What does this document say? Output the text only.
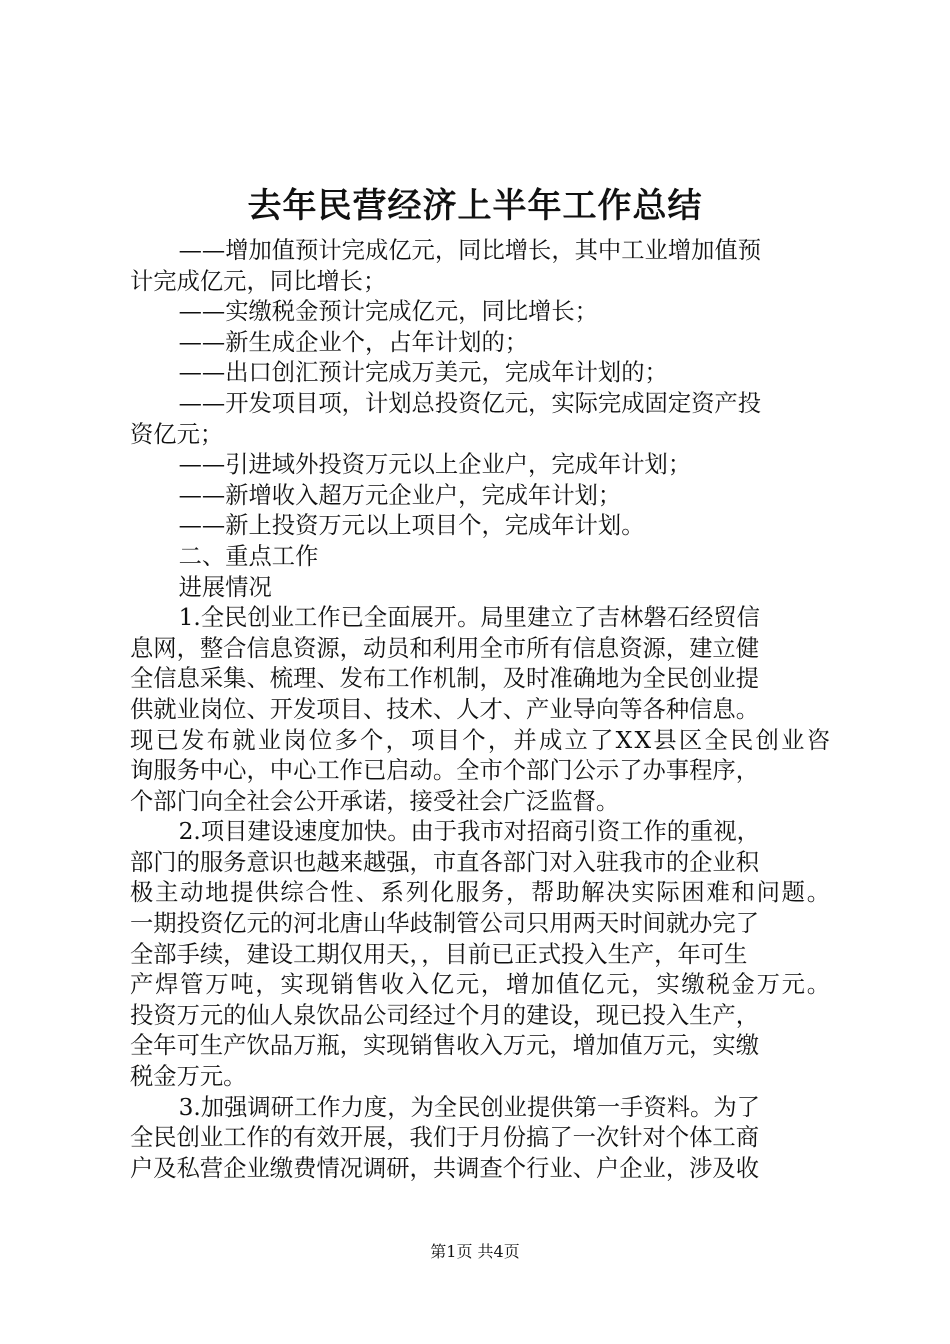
去年民营经济上半年工作总结
——增加值预计完成亿元，同比增长，其中工业增加值预
计完成亿元，同比增长；
——实缴税金预计完成亿元，同比增长；
——新生成企业个，占年计划的；
——出口创汇预计完成万美元，完成年计划的；
——开发项目项，计划总投资亿元，实际完成固定资产投
资亿元；
——引进域外投资万元以上企业户，完成年计划；
——新增收入超万元企业户，完成年计划；
——新上投资万元以上项目个，完成年计划。
二、重点工作
进展情况
1.全民创业工作已全面展开。局里建立了吉林磐石经贸信
息网，整合信息资源，动员和利用全市所有信息资源，建立健
全信息采集、梳理、发布工作机制，及时准确地为全民创业提
供就业岗位、开发项目、技术、人才、产业导向等各种信息。
现已发布就业岗位多个，项目个，并成立了XX县区全民创业咨
询服务中心，中心工作已启动。全市个部门公示了办事程序，
个部门向全社会公开承诺，接受社会广泛监督。
2.项目建设速度加快。由于我市对招商引资工作的重视，
部门的服务意识也越来越强，市直各部门对入驻我市的企业积
极主动地提供综合性、系列化服务，帮助解决实际困难和问题。
一期投资亿元的河北唐山华歧制管公司只用两天时间就办完了
全部手续，建设工期仅用天，，目前已正式投入生产，年可生
产焊管万吨，实现销售收入亿元，增加值亿元，实缴税金万元。
投资万元的仙人泉饮品公司经过个月的建设，现已投入生产，
全年可生产饮品万瓶，实现销售收入万元，增加值万元，实缴
税金万元。
3.加强调研工作力度，为全民创业提供第一手资料。为了
全民创业工作的有效开展，我们于月份搞了一次针对个体工商
户及私营企业缴费情况调研，共调查个行业、户企业，涉及收
第1页 共4页
